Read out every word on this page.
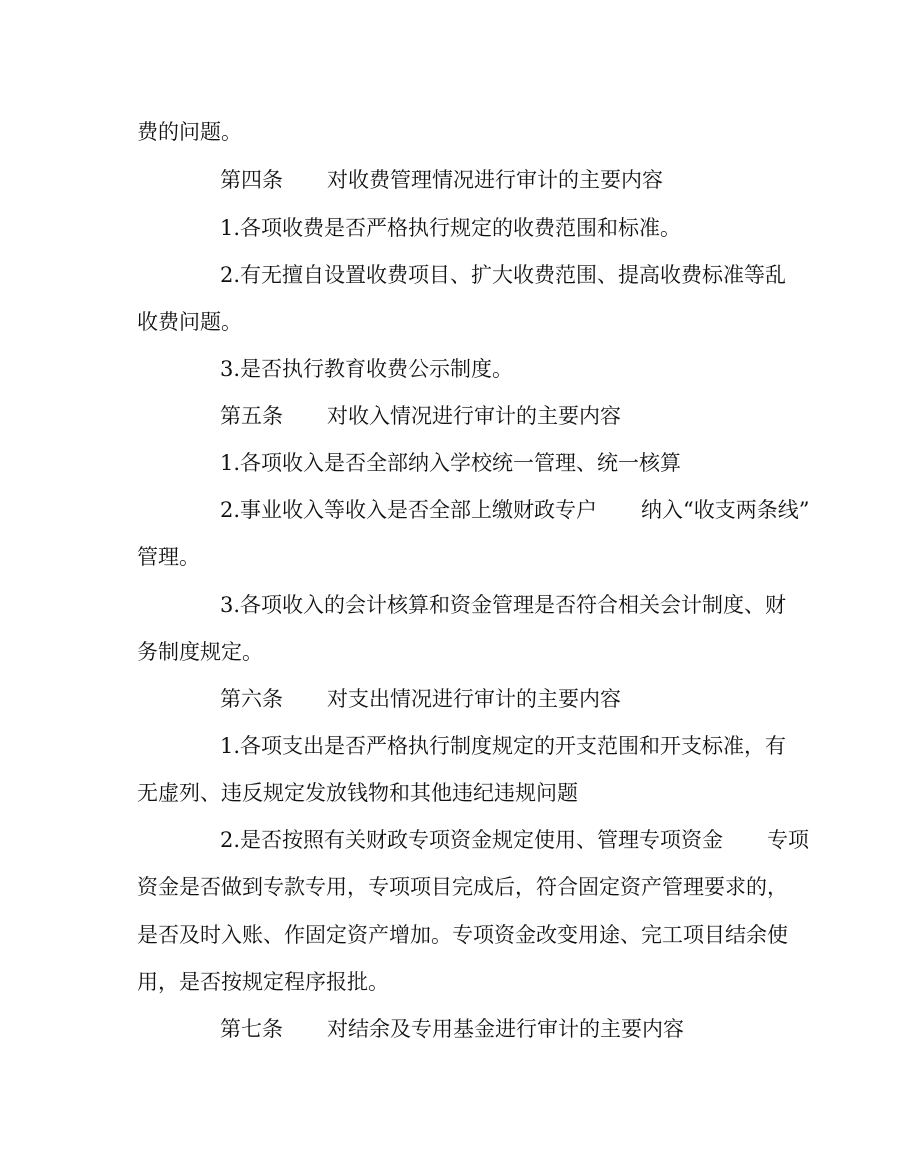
费的问题。
第四条 对收费管理情况进行审计的主要内容
1.各项收费是否严格执行规定的收费范围和标准。
2.有无擅自设置收费项目、扩大收费范围、提高收费标准等乱
收费问题。
3.是否执行教育收费公示制度。
第五条 对收入情况进行审计的主要内容
1.各项收入是否全部纳入学校统一管理、统一核算
2.事业收入等收入是否全部上缴财政专户 纳入“收支两条线”
管理。
3.各项收入的会计核算和资金管理是否符合相关会计制度、财
务制度规定。
第六条 对支出情况进行审计的主要内容
1.各项支出是否严格执行制度规定的开支范围和开支标准，有
无虚列、违反规定发放钱物和其他违纪违规问题
2.是否按照有关财政专项资金规定使用、管理专项资金 专项
资金是否做到专款专用，专项项目完成后，符合固定资产管理要求的，
是否及时入账、作固定资产增加。专项资金改变用途、完工项目结余使
用，是否按规定程序报批。
第七条 对结余及专用基金进行审计的主要内容
